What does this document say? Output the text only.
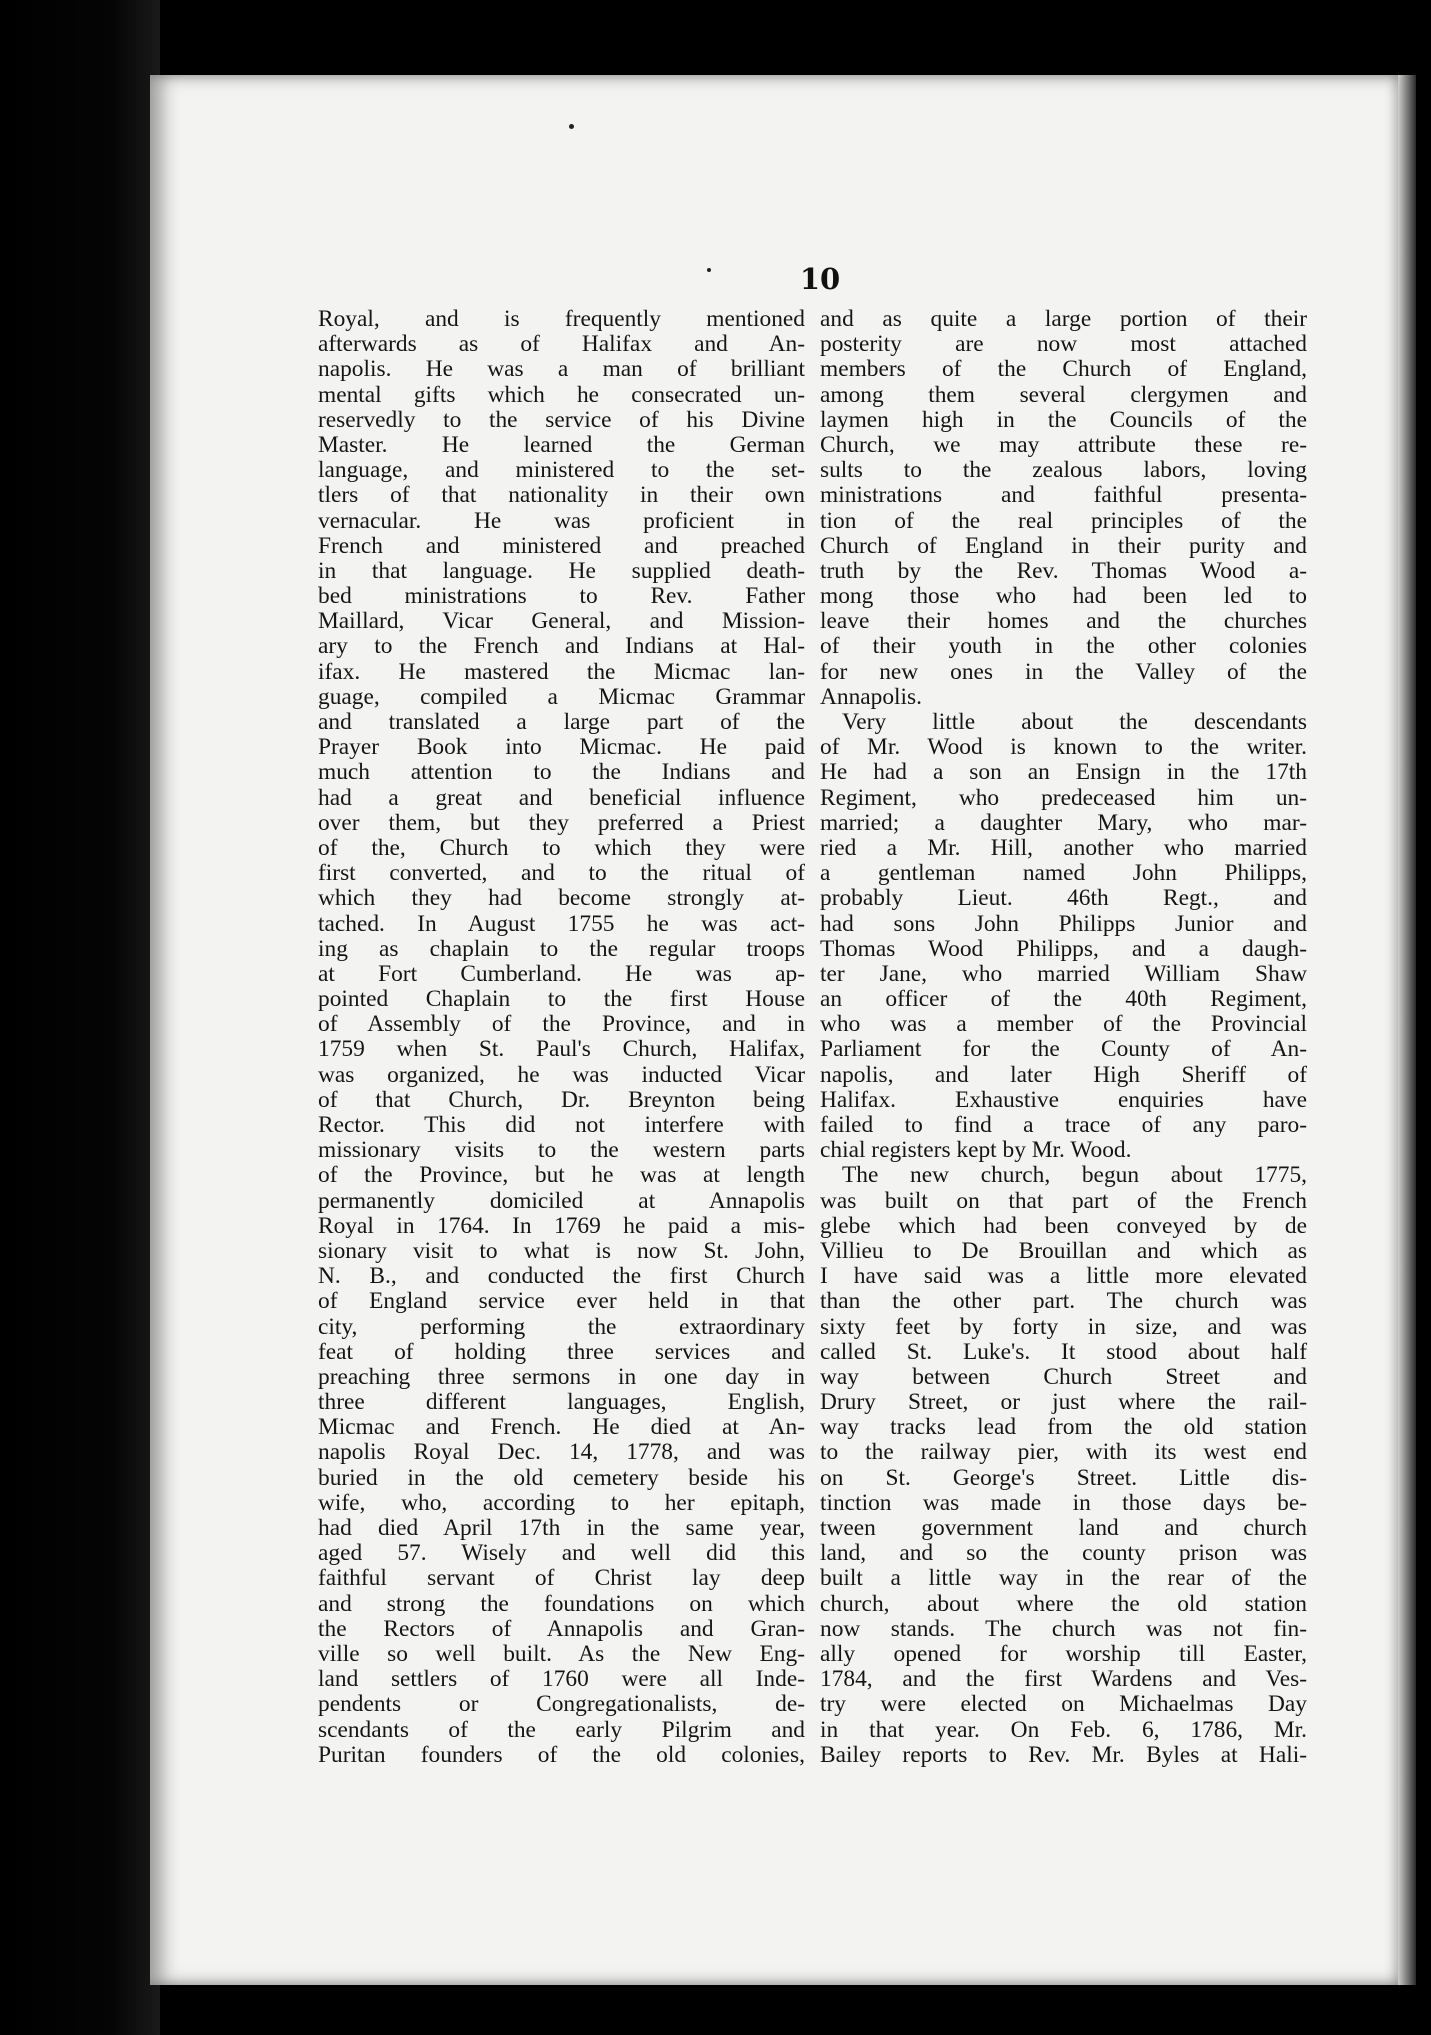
10
Royal, and is frequently mentioned
afterwards as of Halifax and An-
napolis. He was a man of brilliant
mental gifts which he consecrated un-
reservedly to the service of his Divine
Master. He learned the German
language, and ministered to the set-
tlers of that nationality in their own
vernacular. He was proficient in
French and ministered and preached
in that language. He supplied death-
bed ministrations to Rev. Father
Maillard, Vicar General, and Mission-
ary to the French and Indians at Hal-
ifax. He mastered the Micmac lan-
guage, compiled a Micmac Grammar
and translated a large part of the
Prayer Book into Micmac. He paid
much attention to the Indians and
had a great and beneficial influence
over them, but they preferred a Priest
of the, Church to which they were
first converted, and to the ritual of
which they had become strongly at-
tached. In August 1755 he was act-
ing as chaplain to the regular troops
at Fort Cumberland. He was ap-
pointed Chaplain to the first House
of Assembly of the Province, and in
1759 when St. Paul's Church, Halifax,
was organized, he was inducted Vicar
of that Church, Dr. Breynton being
Rector. This did not interfere with
missionary visits to the western parts
of the Province, but he was at length
permanently domiciled at Annapolis
Royal in 1764. In 1769 he paid a mis-
sionary visit to what is now St. John,
N. B., and conducted the first Church
of England service ever held in that
city, performing the extraordinary
feat of holding three services and
preaching three sermons in one day in
three different languages, English,
Micmac and French. He died at An-
napolis Royal Dec. 14, 1778, and was
buried in the old cemetery beside his
wife, who, according to her epitaph,
had died April 17th in the same year,
aged 57. Wisely and well did this
faithful servant of Christ lay deep
and strong the foundations on which
the Rectors of Annapolis and Gran-
ville so well built. As the New Eng-
land settlers of 1760 were all Inde-
pendents or Congregationalists, de-
scendants of the early Pilgrim and
Puritan founders of the old colonies,
and as quite a large portion of their
posterity are now most attached
members of the Church of England,
among them several clergymen and
laymen high in the Councils of the
Church, we may attribute these re-
sults to the zealous labors, loving
ministrations and faithful presenta-
tion of the real principles of the
Church of England in their purity and
truth by the Rev. Thomas Wood a-
mong those who had been led to
leave their homes and the churches
of their youth in the other colonies
for new ones in the Valley of the
Annapolis.
Very little about the descendants
of Mr. Wood is known to the writer.
He had a son an Ensign in the 17th
Regiment, who predeceased him un-
married; a daughter Mary, who mar-
ried a Mr. Hill, another who married
a gentleman named John Philipps,
probably Lieut. 46th Regt., and
had sons John Philipps Junior and
Thomas Wood Philipps, and a daugh-
ter Jane, who married William Shaw
an officer of the 40th Regiment,
who was a member of the Provincial
Parliament for the County of An-
napolis, and later High Sheriff of
Halifax. Exhaustive enquiries have
failed to find a trace of any paro-
chial registers kept by Mr. Wood.
The new church, begun about 1775,
was built on that part of the French
glebe which had been conveyed by de
Villieu to De Brouillan and which as
I have said was a little more elevated
than the other part. The church was
sixty feet by forty in size, and was
called St. Luke's. It stood about half
way between Church Street and
Drury Street, or just where the rail-
way tracks lead from the old station
to the railway pier, with its west end
on St. George's Street. Little dis-
tinction was made in those days be-
tween government land and church
land, and so the county prison was
built a little way in the rear of the
church, about where the old station
now stands. The church was not fin-
ally opened for worship till Easter,
1784, and the first Wardens and Ves-
try were elected on Michaelmas Day
in that year. On Feb. 6, 1786, Mr.
Bailey reports to Rev. Mr. Byles at Hali-
